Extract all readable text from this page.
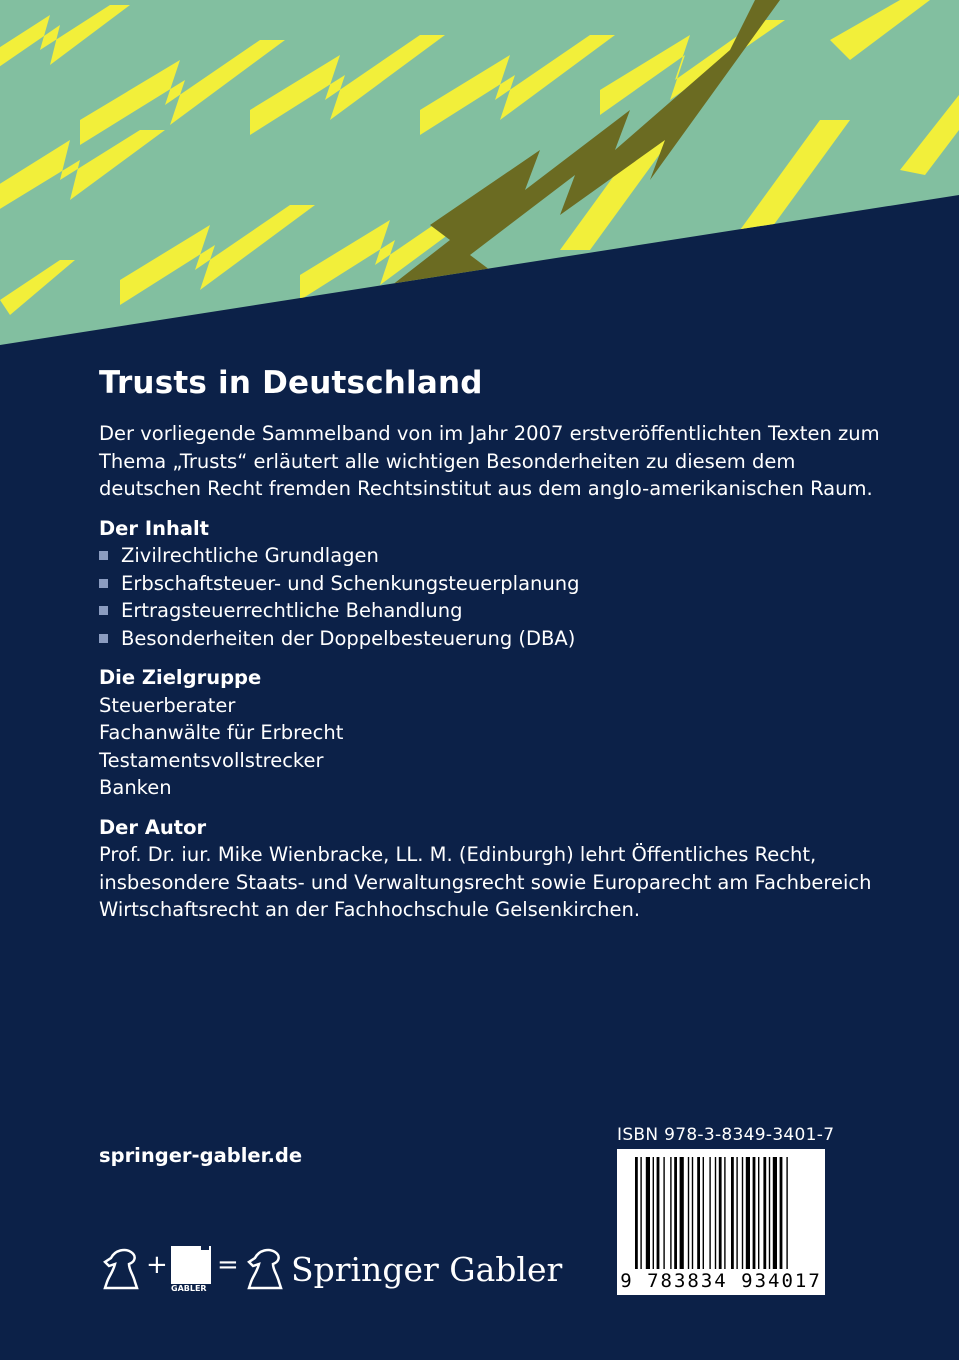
Trusts in Deutschland

Der vorliegende Sammelband von im Jahr 2007 erstveröffentlichten Texten zum Thema „Trusts“ erläutert alle wichtigen Besonderheiten zu diesem dem deutschen Recht fremden Rechtsinstitut aus dem anglo-amerikanischen Raum.

Der Inhalt
Zivilrechtliche Grundlagen
Erbschaftsteuer- und Schenkungsteuerplanung
Ertragsteuerrechtliche Behandlung
Besonderheiten der Doppelbesteuerung (DBA)
Die Zielgruppe
Steuerberater
Fachanwälte für Erbrecht
Testamentsvollstrecker
Banken
Der Autor

Prof. Dr. iur. Mike Wienbracke, LL. M. (Edinburgh) lehrt Öffentliches Recht, insbesondere Staats- und Verwaltungsrecht sowie Europarecht am Fachbereich Wirtschaftsrecht an der Fachhochschule Gelsenkirchen.

springer-gabler.de
ISBN 978-3-8349-3401-7
9 783834 934017
+
GABLER
= Springer Gabler
